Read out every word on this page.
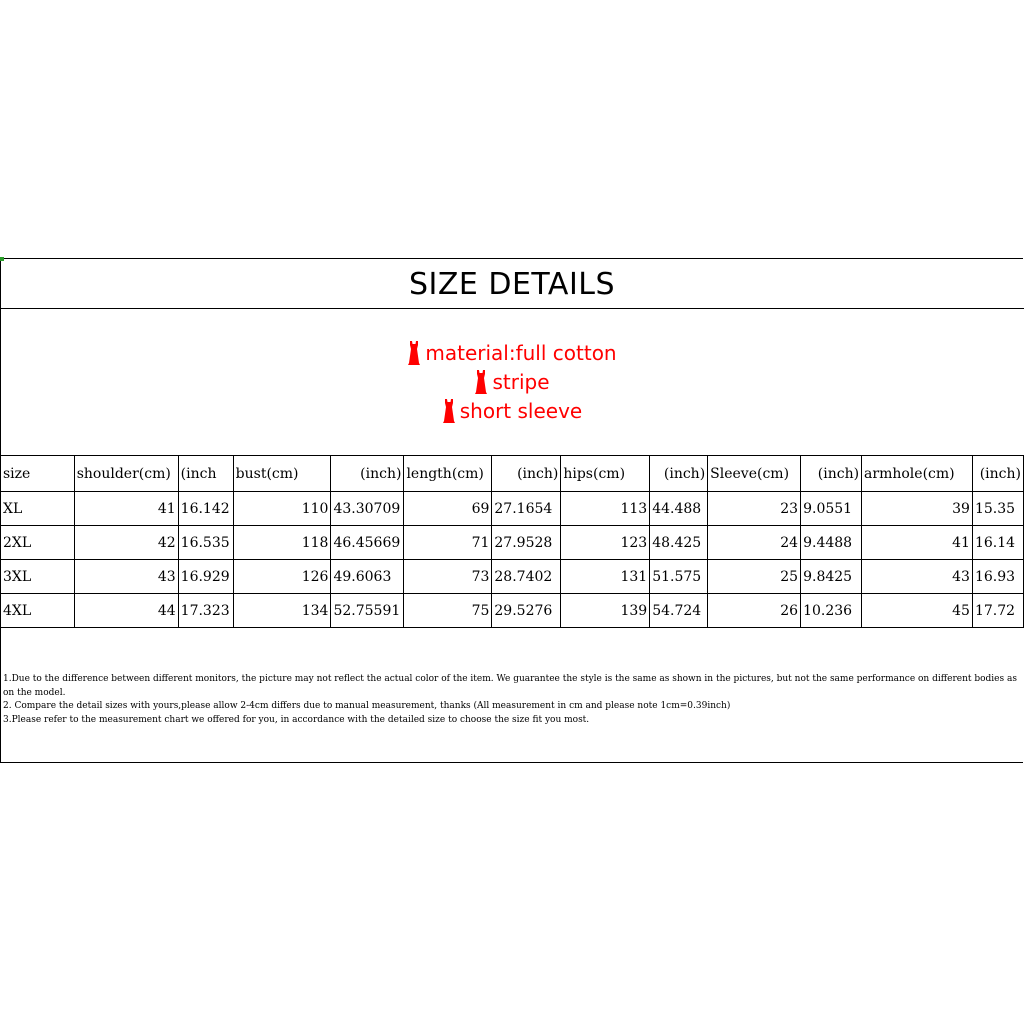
SIZE DETAILS
material:full cotton
stripe
short sleeve
size	shoulder(cm)	(inch	bust(cm)	(inch)	length(cm)	(inch)	hips(cm)	(inch)	Sleeve(cm)	(inch)	armhole(cm)	(inch)
XL	41	16.142	110	43.30709	69	27.1654	113	44.488	23	9.0551	39	15.35
2XL	42	16.535	118	46.45669	71	27.9528	123	48.425	24	9.4488	41	16.14
3XL	43	16.929	126	49.6063	73	28.7402	131	51.575	25	9.8425	43	16.93
4XL	44	17.323	134	52.75591	75	29.5276	139	54.724	26	10.236	45	17.72
1.Due to the difference between different monitors, the picture may not reflect the actual color of the item. We guarantee the style is the same as shown in the pictures, but not the same performance on different bodies as on the model.
2. Compare the detail sizes with yours,please allow 2-4cm differs due to manual measurement, thanks (All measurement in cm and please note 1cm=0.39inch)
3.Please refer to the measurement chart we offered for you, in accordance with the detailed size to choose the size fit you most.
